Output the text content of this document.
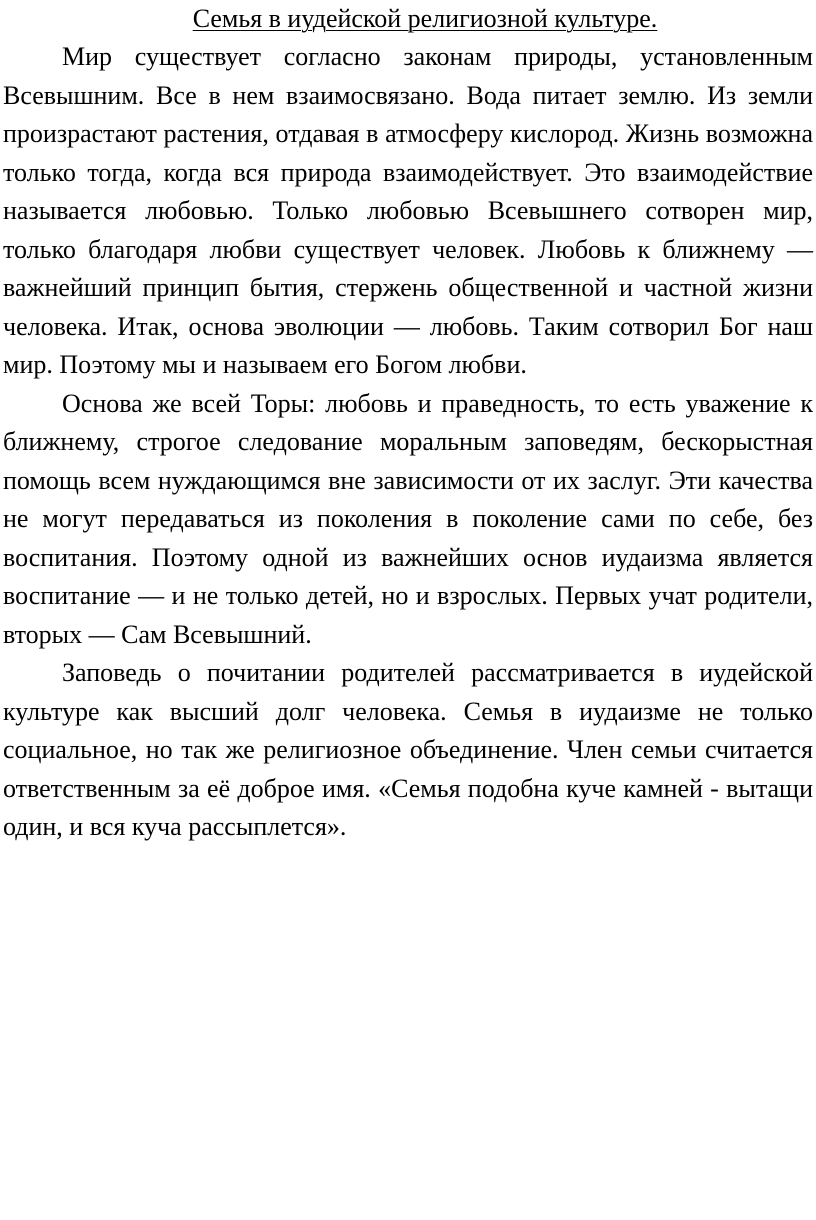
Семья в иудейской религиозной культуре.

Мир существует согласно законам природы, установленным Всевышним. Все в нем взаимосвязано. Вода питает землю. Из земли произрастают растения, отдавая в атмосферу кислород. Жизнь возможна только тогда, когда вся природа взаимодействует. Это взаимодействие называется любовью. Только любовью Всевышнего сотворен мир, только благодаря любви существует человек. Любовь к ближнему — важнейший принцип бытия, стержень общественной и частной жизни человека. Итак, основа эволюции — любовь. Таким сотворил Бог наш мир. Поэтому мы и называем его Богом любви.

Основа же всей Торы: любовь и праведность, то есть уважение к ближнему, строгое следование моральным заповедям, бескорыстная помощь всем нуждающимся вне зависимости от их заслуг. Эти качества не могут передаваться из поколения в поколение сами по себе, без воспитания. Поэтому одной из важнейших основ иудаизма является воспитание — и не только детей, но и взрослых. Первых учат родители, вторых — Сам Всевышний.

Заповедь о почитании родителей рассматривается в иудейской культуре как высший долг человека. Семья в иудаизме не только социальное, но так же религиозное объединение. Член семьи считается ответственным за её доброе имя. «Семья подобна куче камней - вытащи один, и вся куча рассыплется».
